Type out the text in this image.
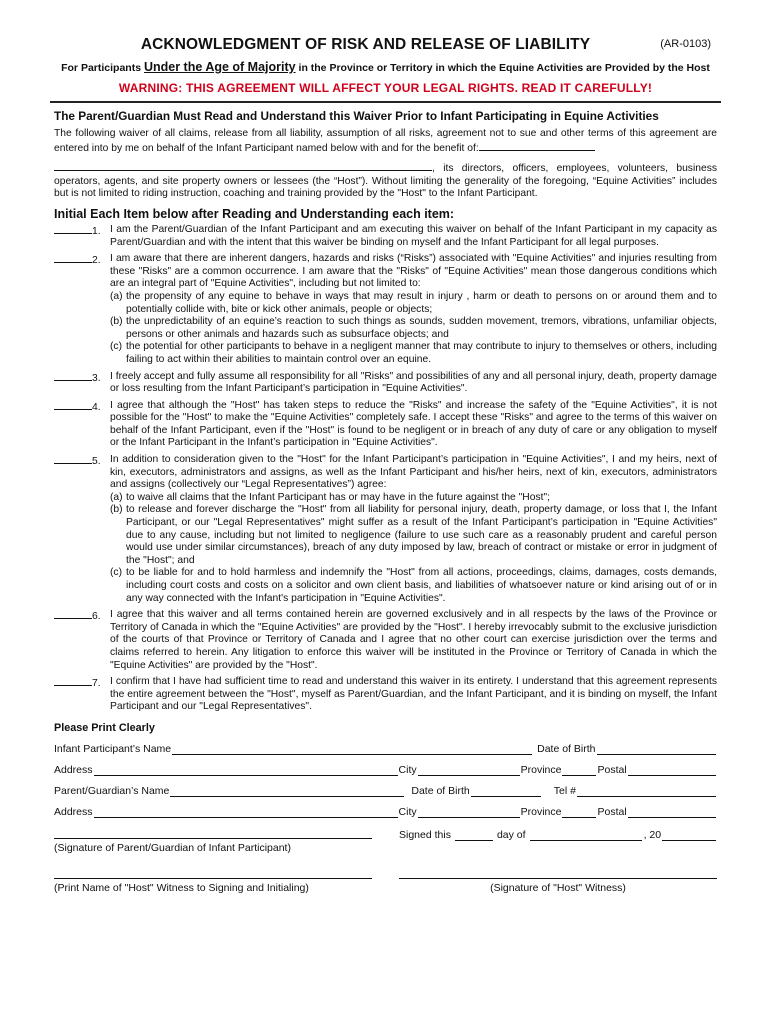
ACKNOWLEDGMENT OF RISK AND RELEASE OF LIABILITY	(AR-0103)
For Participants Under the Age of Majority in the Province or Territory in which the Equine Activities are Provided by the Host
WARNING: THIS AGREEMENT WILL AFFECT YOUR LEGAL RIGHTS. READ IT CAREFULLY!
The Parent/Guardian Must Read and Understand this Waiver Prior to Infant Participating in Equine Activities

The following waiver of all claims, release from all liability, assumption of all risks, agreement not to sue and other terms of this agreement are entered into by me on behalf of the Infant Participant named below with and for the benefit of:

, its directors, officers, employees, volunteers, business operators, agents, and site property owners or lessees (the “Host”). Without limiting the generality of the foregoing, “Equine Activities” includes but is not limited to riding instruction, coaching and training provided by the "Host" to the Infant Participant.

Initial Each Item below after Reading and Understanding each item:
1. I am the Parent/Guardian of the Infant Participant and am executing this waiver on behalf of the Infant Participant in my capacity as Parent/Guardian and with the intent that this waiver be binding on myself and the Infant Participant for all legal purposes.
2. I am aware that there are inherent dangers, hazards and risks (“Risks”) associated with "Equine Activities" and injuries resulting from these "Risks" are a common occurrence. I am aware that the "Risks" of "Equine Activities" mean those dangerous conditions which are an integral part of "Equine Activities", including but not limited to:
(a) the propensity of any equine to behave in ways that may result in injury , harm or death to persons on or around them and to potentially collide with, bite or kick other animals, people or objects;
(b) the unpredictability of an equine’s reaction to such things as sounds, sudden movement, tremors, vibrations, unfamiliar objects, persons or other animals and hazards such as subsurface objects; and
(c) the potential for other participants to behave in a negligent manner that may contribute to injury to themselves or others, including failing to act within their abilities to maintain control over an equine.
3. I freely accept and fully assume all responsibility for all "Risks" and possibilities of any and all personal injury, death, property damage or loss resulting from the Infant Participant’s participation in "Equine Activities".
4. I agree that although the "Host" has taken steps to reduce the "Risks" and increase the safety of the "Equine Activities", it is not possible for the "Host" to make the "Equine Activities" completely safe. I accept these "Risks" and agree to the terms of this waiver on behalf of the Infant Participant, even if the "Host" is found to be negligent or in breach of any duty of care or any obligation to myself or the Infant Participant in the Infant’s participation in "Equine Activities".
5. In addition to consideration given to the "Host" for the Infant Participant’s participation in "Equine Activities", I and my heirs, next of kin, executors, administrators and assigns, as well as the Infant Participant and his/her heirs, next of kin, executors, administrators and assigns (collectively our “Legal Representatives”) agree:
(a) to waive all claims that the Infant Participant has or may have in the future against the "Host";
(b) to release and forever discharge the "Host" from all liability for personal injury, death, property damage, or loss that I, the Infant Participant, or our "Legal Representatives" might suffer as a result of the Infant Participant’s participation in "Equine Activities" due to any cause, including but not limited to negligence (failure to use such care as a reasonably prudent and careful person would use under similar circumstances), breach of any duty imposed by law, breach of contract or mistake or error in judgment of the "Host"; and
(c) to be liable for and to hold harmless and indemnify the "Host" from all actions, proceedings, claims, damages, costs demands, including court costs and costs on a solicitor and own client basis, and liabilities of whatsoever nature or kind arising out of or in any way connected with the Infant's participation in "Equine Activities".
6. I agree that this waiver and all terms contained herein are governed exclusively and in all respects by the laws of the Province or Territory of Canada in which the "Equine Activities" are provided by the "Host". I hereby irrevocably submit to the exclusive jurisdiction of the courts of that Province or Territory of Canada and I agree that no other court can exercise jurisdiction over the terms and claims referred to herein. Any litigation to enforce this waiver will be instituted in the Province or Territory of Canada in which the "Equine Activities" are provided by the "Host".
7. I confirm that I have had sufficient time to read and understand this waiver in its entirety. I understand that this agreement represents the entire agreement between the "Host", myself as Parent/Guardian, and the Infant Participant, and it is binding on myself, the Infant Participant and our "Legal Representatives".
Please Print Clearly
Infant Participant’s Name	Date of Birth
Address	City	Province	Postal
Parent/Guardian’s Name	Date of Birth	Tel #
Address	City	Province	Postal
(Signature of Parent/Guardian of Infant Participant)
Signed this	day of	, 20
(Print Name of "Host" Witness to Signing and Initialing)	(Signature of "Host" Witness)
